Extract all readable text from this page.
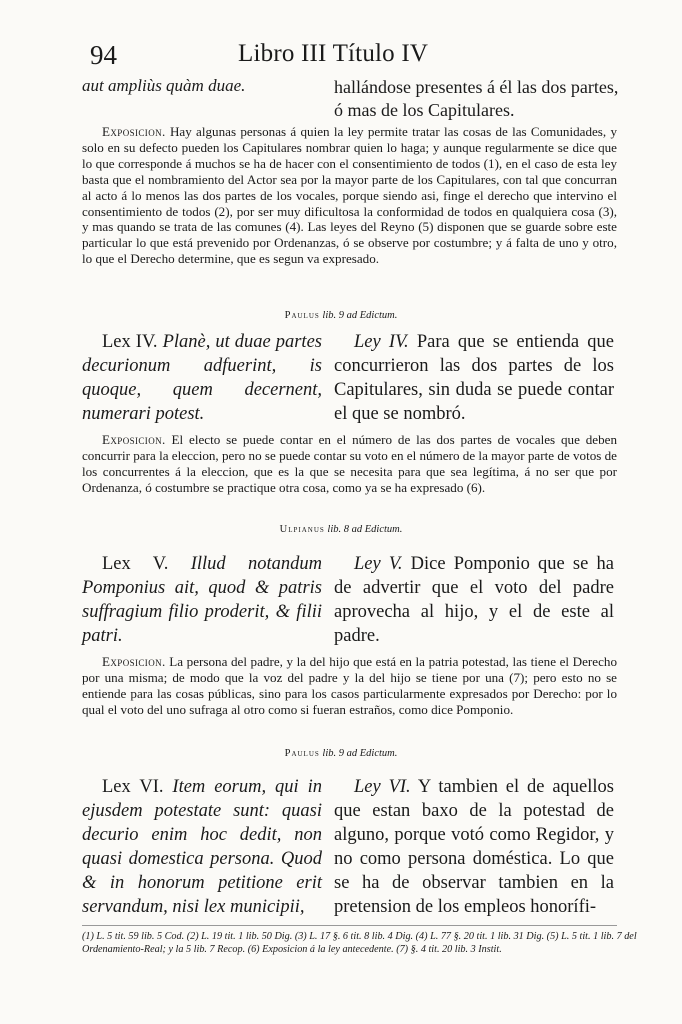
94	Libro III Título IV
aut ampliùs quàm duae.	hallándose presentes á él las dos partes, ó mas de los Capitulares.
Exposicion. Hay algunas personas á quien la ley permite tratar las cosas de las Comunidades, y solo en su defecto pueden los Capitulares nombrar quien lo haga; y aunque regularmente se dice que lo que corresponde á muchos se ha de hacer con el consentimiento de todos (1), en el caso de esta ley basta que el nombramiento del Actor sea por la mayor parte de los Capitulares, con tal que concurran al acto á lo menos las dos partes de los vocales, porque siendo asi, finge el derecho que intervino el consentimiento de todos (2), por ser muy dificultosa la conformidad de todos en qualquiera cosa (3), y mas quando se trata de las comunes (4). Las leyes del Reyno (5) disponen que se guarde sobre este particular lo que está prevenido por Ordenanzas, ó se observe por costumbre; y á falta de uno y otro, lo que el Derecho determine, que es segun va expresado.
Paulus lib. 9 ad Edictum.
Lex IV. Planè, ut duae partes decurionum adfuerint, is quoque, quem decernent, numerari potest.
Ley IV. Para que se entienda que concurrieron las dos partes de los Capitulares, sin duda se puede contar el que se nombró.
Exposicion. El electo se puede contar en el número de las dos partes de vocales que deben concurrir para la eleccion, pero no se puede contar su voto en el número de la mayor parte de votos de los concurrentes á la eleccion, que es la que se necesita para que sea legítima, á no ser que por Ordenanza, ó costumbre se practique otra cosa, como ya se ha expresado (6).
Ulpianus lib. 8 ad Edictum.
Lex V. Illud notandum Pomponius ait, quod & patris suffragium filio proderit, & filii patri.
Ley V. Dice Pomponio que se ha de advertir que el voto del padre aprovecha al hijo, y el de este al padre.
Exposicion. La persona del padre, y la del hijo que está en la patria potestad, las tiene el Derecho por una misma; de modo que la voz del padre y la del hijo se tiene por una (7); pero esto no se entiende para las cosas públicas, sino para los casos particularmente expresados por Derecho: por lo qual el voto del uno sufraga al otro como si fueran estraños, como dice Pomponio.
Paulus lib. 9 ad Edictum.
Lex VI. Item eorum, qui in ejusdem potestate sunt: quasi decurio enim hoc dedit, non quasi domestica persona. Quod & in honorum petitione erit servandum, nisi lex municipii,
Ley VI. Y tambien el de aquellos que estan baxo de la potestad de alguno, porque votó como Regidor, y no como persona doméstica. Lo que se ha de observar tambien en la pretension de los empleos honorífi-
(1) L. 5 tit. 59 lib. 5 Cod. (2) L. 19 tit. 1 lib. 50 Dig. (3) L. 17 §. 6 tit. 8 lib. 4 Dig. (4) L. 77 §. 20 tit. 1 lib. 31 Dig. (5) L. 5 tit. 1 lib. 7 del Ordenamiento-Real; y la 5 lib. 7 Recop. (6) Exposicion á la ley antecedente. (7) §. 4 tit. 20 lib. 3 Instit.
